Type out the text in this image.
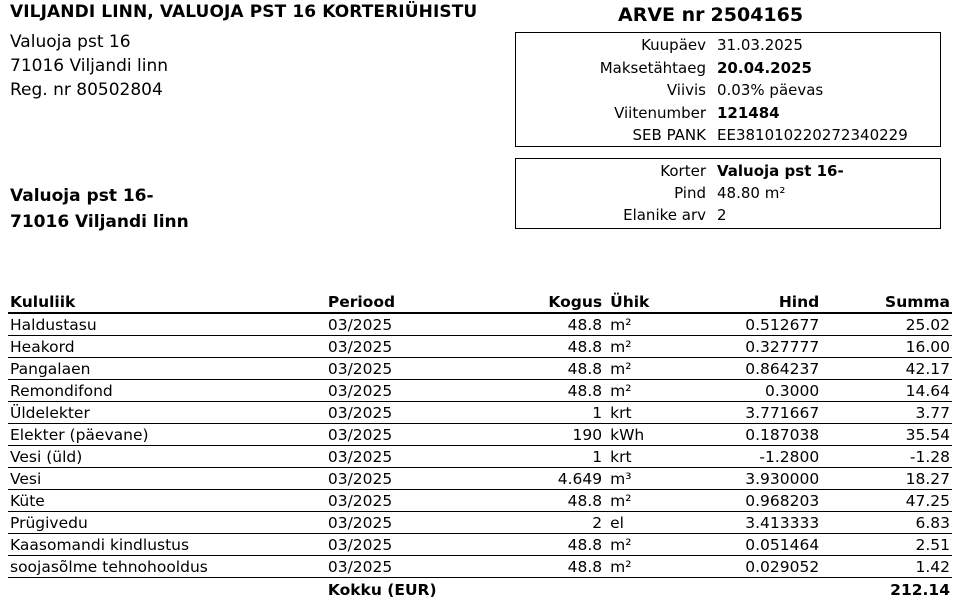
VILJANDI LINN, VALUOJA PST 16 KORTERIÜHISTU
Valuoja pst 16
71016 Viljandi linn
Reg. nr 80502804
ARVE nr 2504165
Valuoja pst 16-
71016 Viljandi linn
Kululiik	Periood	Kogus	Ühik	Hind	Summa
Haldustasu	03/2025	48.8	m²	0.512677	25.02
Heakord	03/2025	48.8	m²	0.327777	16.00
Pangalaen	03/2025	48.8	m²	0.864237	42.17
Remondifond	03/2025	48.8	m²	0.3000	14.64
Üldelekter	03/2025	1	krt	3.771667	3.77
Elekter (päevane)	03/2025	190	kWh	0.187038	35.54
Vesi (üld)	03/2025	1	krt	-1.2800	-1.28
Vesi	03/2025	4.649	m³	3.930000	18.27
Küte	03/2025	48.8	m²	0.968203	47.25
Prügivedu	03/2025	2	el	3.413333	6.83
Kaasomandi kindlustus	03/2025	48.8	m²	0.051464	2.51
soojasõlme tehnohooldus	03/2025	48.8	m²	0.029052	1.42
	Kokku (EUR)				212.14
Kuupäev 31.03.2025
Maksetähtaeg 20.04.2025
Viivis 0.03% päevas
Viitenumber 121484
SEB PANK EE381010220272340229
Korter Valuoja pst 16-
Pind 48.80 m²
Elanike arv 2
